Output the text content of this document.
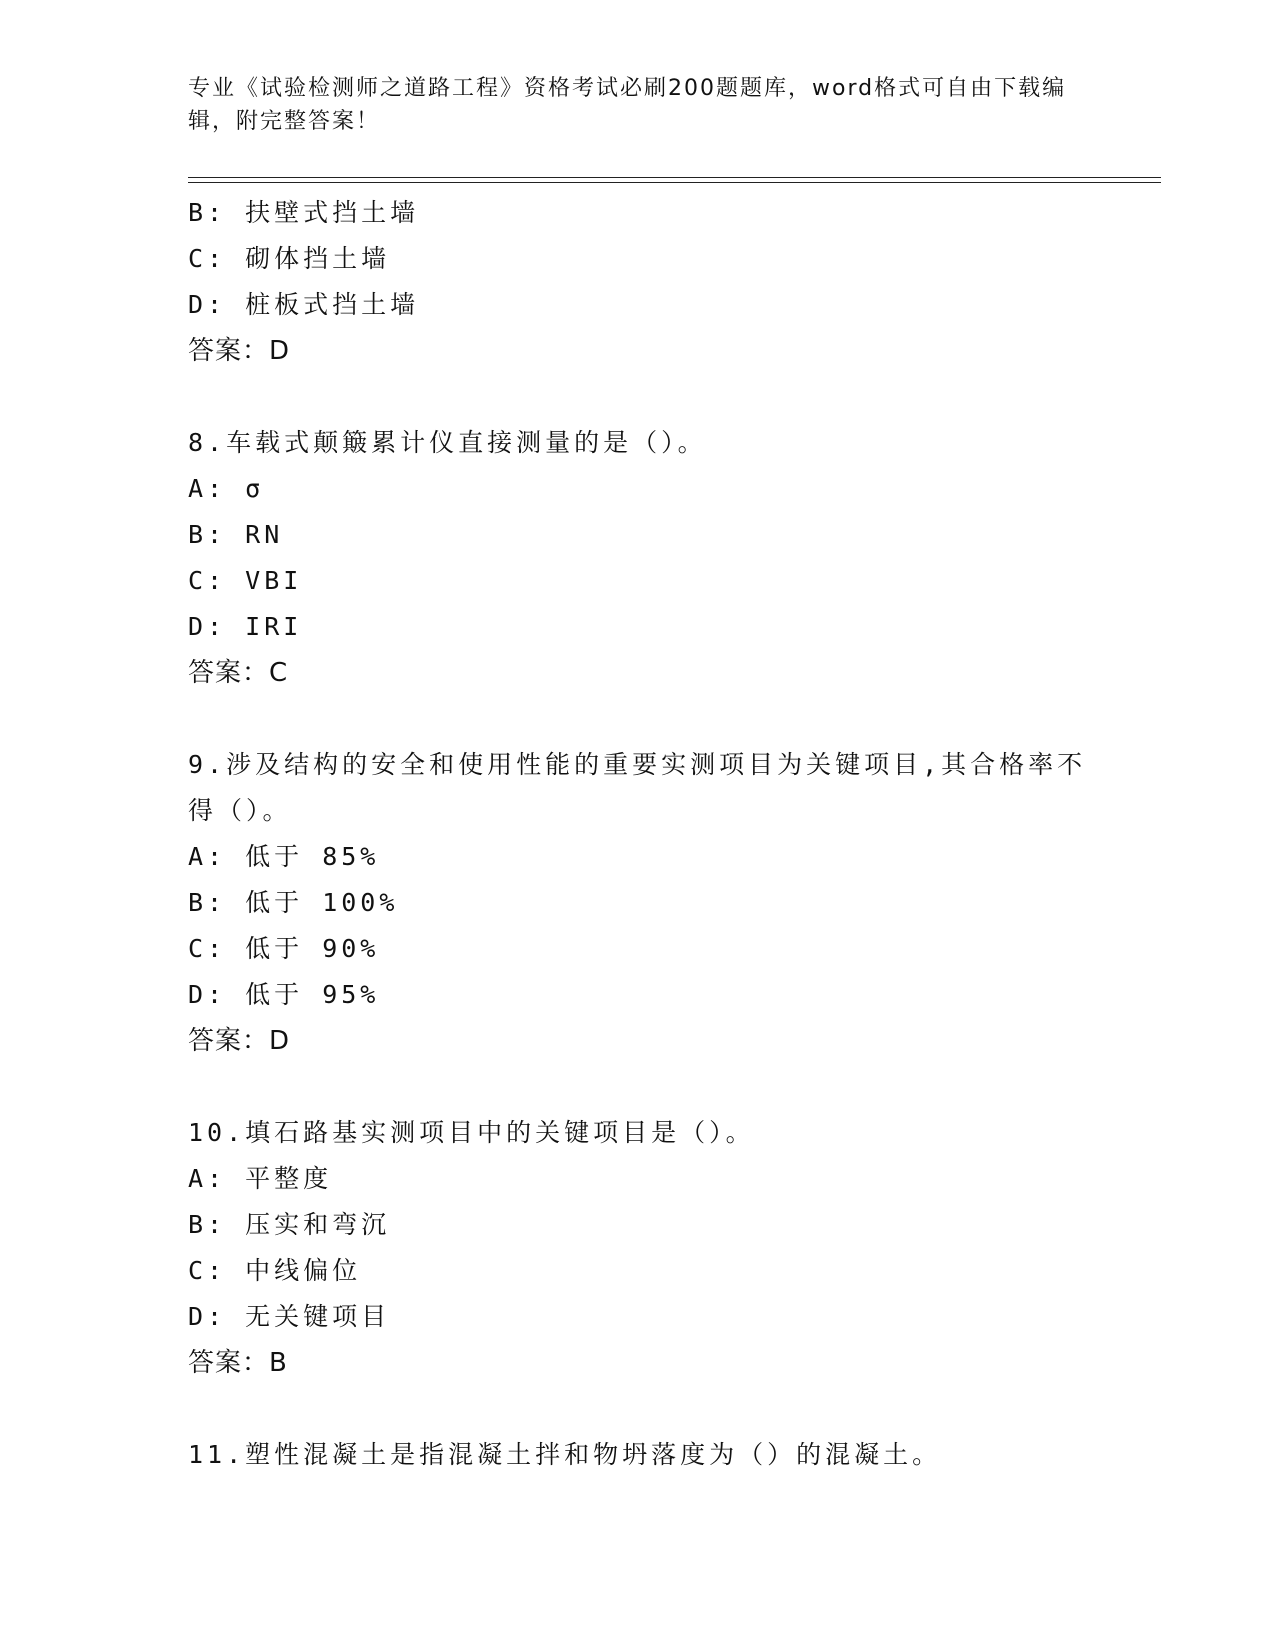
专业《试验检测师之道路工程》资格考试必刷200题题库，word格式可自由下载编辑，附完整答案！
B: 扶壁式挡土墙
C: 砌体挡土墙
D: 桩板式挡土墙
答案：D
8.车载式颠簸累计仪直接测量的是（）。
A: σ
B: RN
C: VBI
D: IRI
答案：C
9.涉及结构的安全和使用性能的重要实测项目为关键项目,其合格率不
得（）。
A: 低于 85%
B: 低于 100%
C: 低于 90%
D: 低于 95%
答案：D
10.填石路基实测项目中的关键项目是（）。
A: 平整度
B: 压实和弯沉
C: 中线偏位
D: 无关键项目
答案：B
11.塑性混凝土是指混凝土拌和物坍落度为（）的混凝土。
